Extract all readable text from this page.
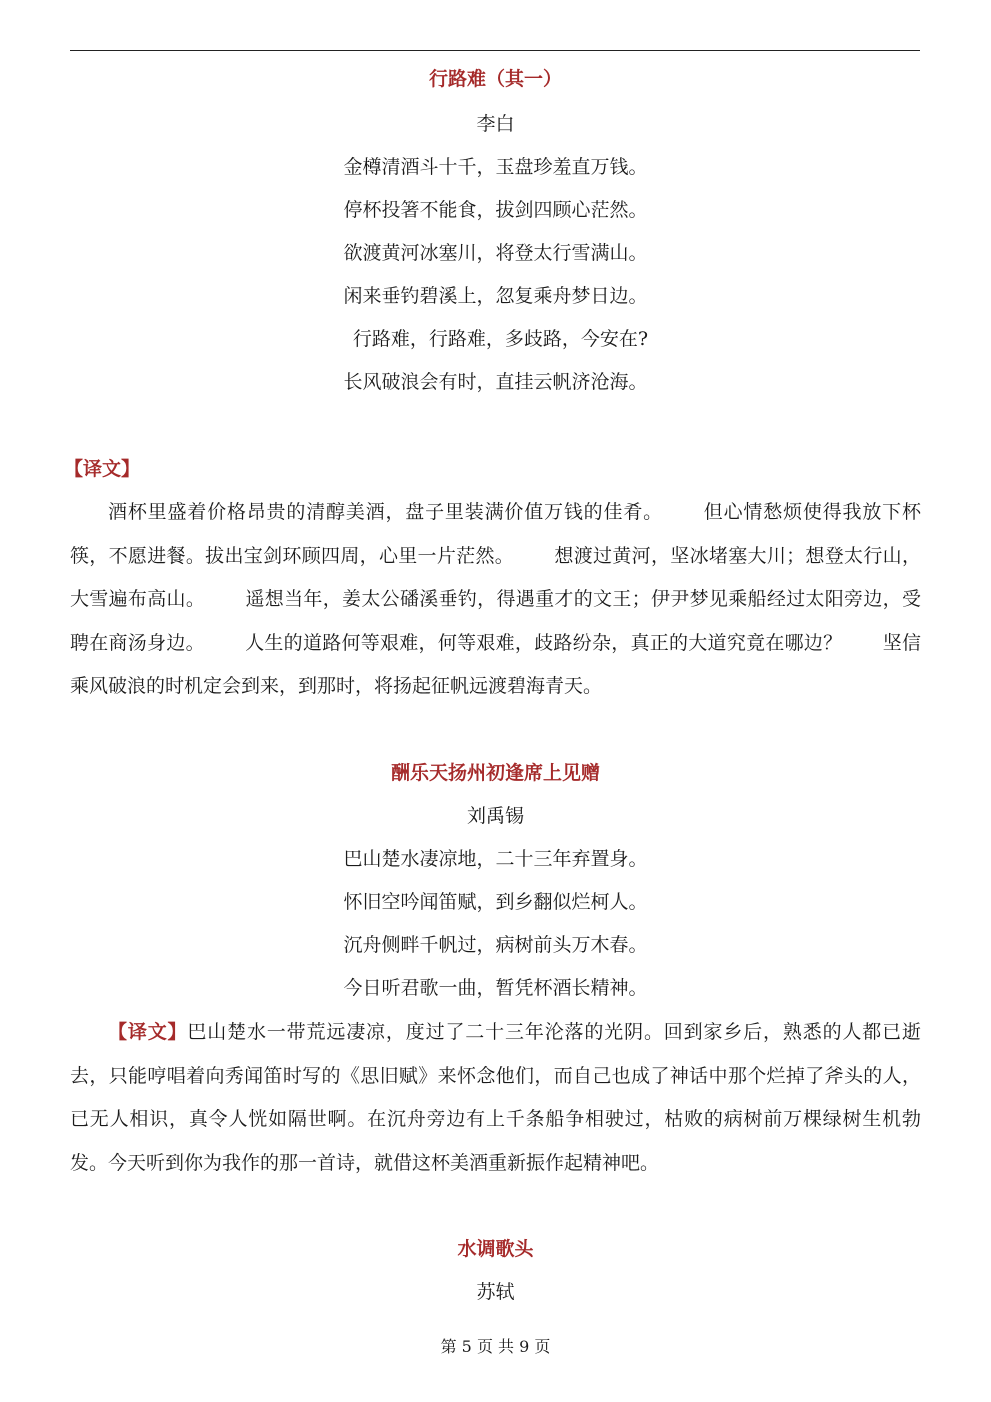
行路难（其一）
李白
金樽清酒斗十千，玉盘珍羞直万钱。
停杯投箸不能食，拔剑四顾心茫然。
欲渡黄河冰塞川，将登太行雪满山。
闲来垂钓碧溪上，忽复乘舟梦日边。
行路难，行路难，多歧路，今安在?
长风破浪会有时，直挂云帆济沧海。
【译文】

酒杯里盛着价格昂贵的清醇美酒，盘子里装满价值万钱的佳肴。 但心情愁烦使得我放下杯筷，不愿进餐。拔出宝剑环顾四周，心里一片茫然。 想渡过黄河，坚冰堵塞大川；想登太行山，大雪遍布高山。 遥想当年，姜太公磻溪垂钓，得遇重才的文王；伊尹梦见乘船经过太阳旁边，受聘在商汤身边。 人生的道路何等艰难，何等艰难，歧路纷杂，真正的大道究竟在哪边？ 坚信乘风破浪的时机定会到来，到那时，将扬起征帆远渡碧海青天。

酬乐天扬州初逢席上见赠
刘禹锡
巴山楚水凄凉地，二十三年弃置身。
怀旧空吟闻笛赋，到乡翻似烂柯人。
沉舟侧畔千帆过，病树前头万木春。
今日听君歌一曲，暂凭杯酒长精神。

【译文】巴山楚水一带荒远凄凉，度过了二十三年沦落的光阴。回到家乡后，熟悉的人都已逝去，只能哼唱着向秀闻笛时写的《思旧赋》来怀念他们，而自己也成了神话中那个烂掉了斧头的人，已无人相识，真令人恍如隔世啊。在沉舟旁边有上千条船争相驶过，枯败的病树前万棵绿树生机勃发。今天听到你为我作的那一首诗，就借这杯美酒重新振作起精神吧。

水调歌头
苏轼
第 5 页 共 9 页
